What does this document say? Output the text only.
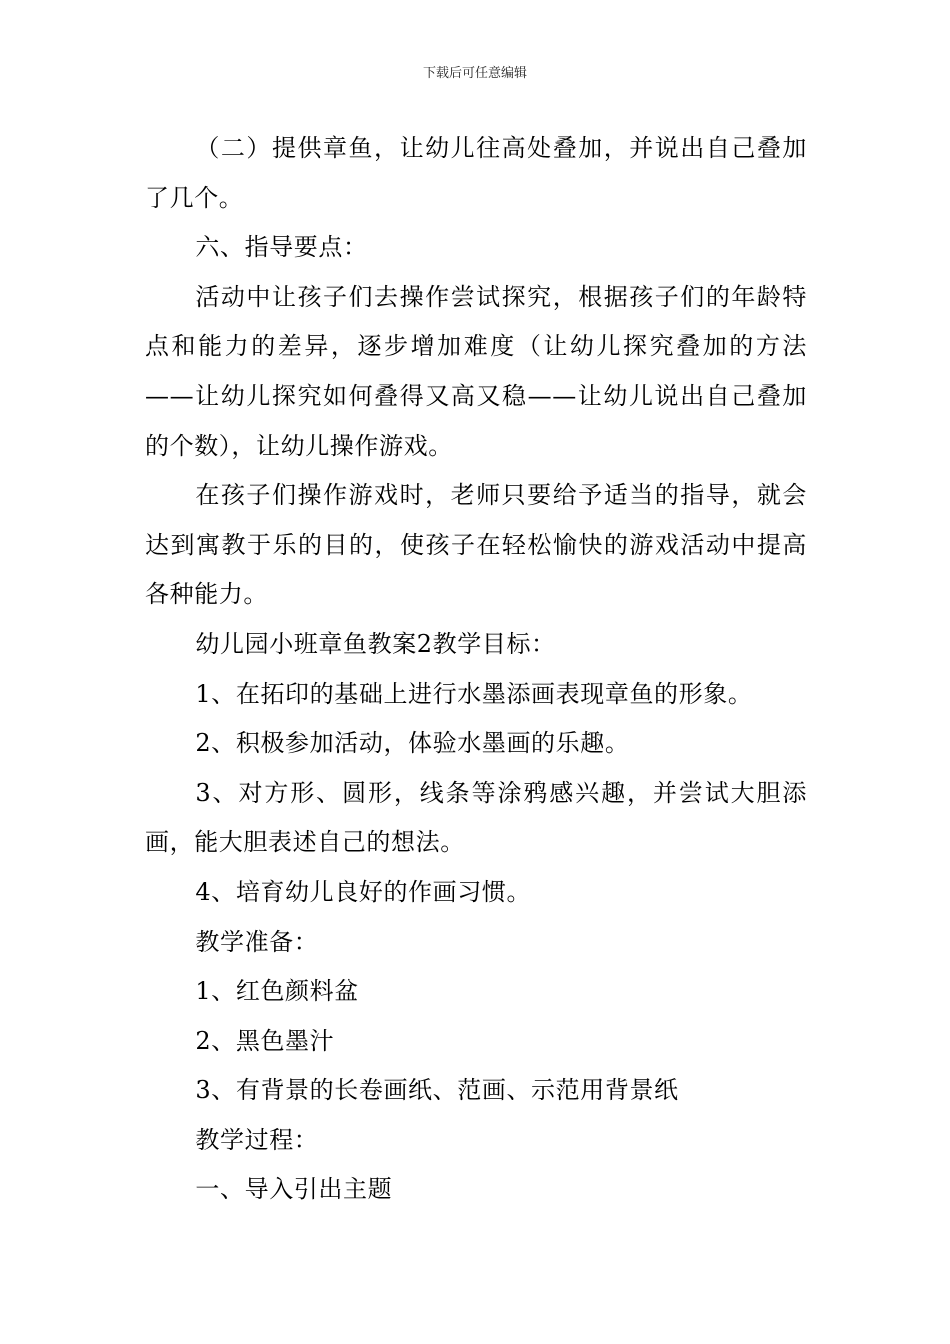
下载后可任意编辑

（二）提供章鱼，让幼儿往高处叠加，并说出自己叠加了几个。

六、指导要点：

活动中让孩子们去操作尝试探究，根据孩子们的年龄特点和能力的差异，逐步增加难度（让幼儿探究叠加的方法——让幼儿探究如何叠得又高又稳——让幼儿说出自己叠加的个数），让幼儿操作游戏。

在孩子们操作游戏时，老师只要给予适当的指导，就会达到寓教于乐的目的，使孩子在轻松愉快的游戏活动中提高各种能力。

幼儿园小班章鱼教案2教学目标：

1、在拓印的基础上进行水墨添画表现章鱼的形象。

2、积极参加活动，体验水墨画的乐趣。

3、对方形、圆形，线条等涂鸦感兴趣，并尝试大胆添画，能大胆表述自己的想法。

4、培育幼儿良好的作画习惯。

教学准备：

1、红色颜料盆

2、黑色墨汁

3、有背景的长卷画纸、范画、示范用背景纸

教学过程：

一、导入引出主题
